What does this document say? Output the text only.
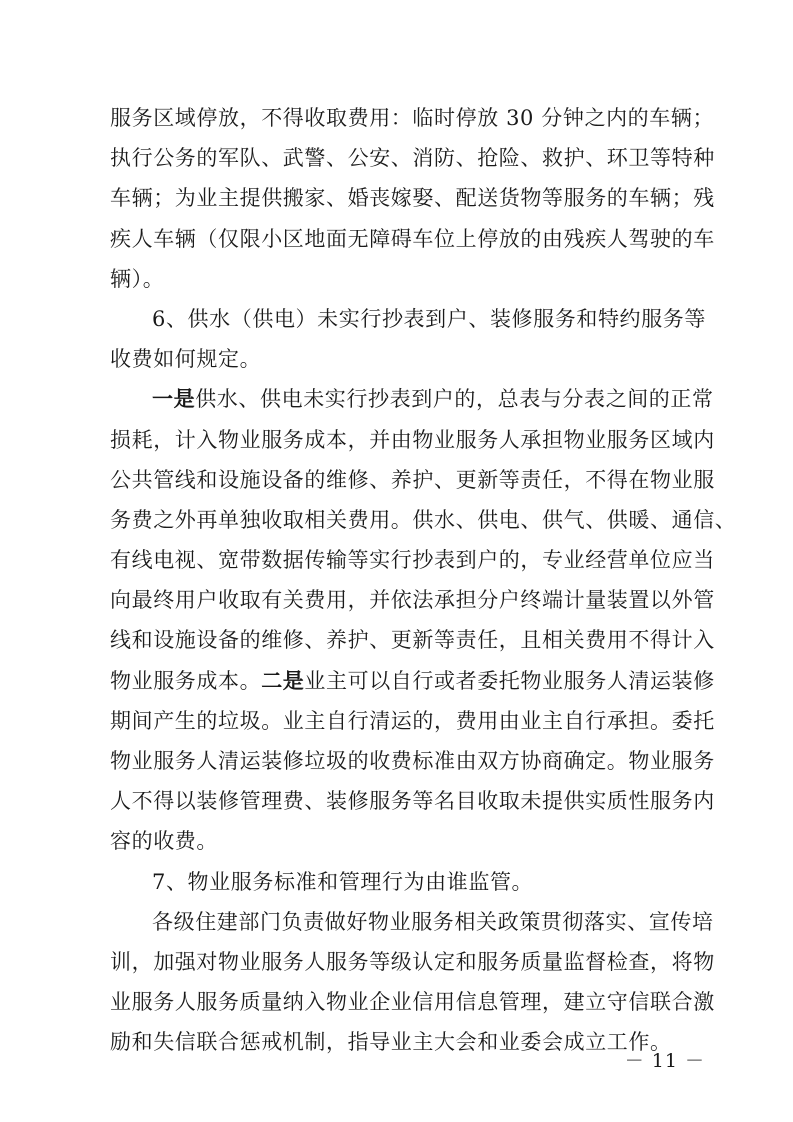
服务区域停放，不得收取费用：临时停放 30 分钟之内的车辆；
执行公务的军队、武警、公安、消防、抢险、救护、环卫等特种
车辆；为业主提供搬家、婚丧嫁娶、配送货物等服务的车辆；残
疾人车辆（仅限小区地面无障碍车位上停放的由残疾人驾驶的车
辆）。
6、供水（供电）未实行抄表到户、装修服务和特约服务等
收费如何规定。
一是供水、供电未实行抄表到户的，总表与分表之间的正常
损耗，计入物业服务成本，并由物业服务人承担物业服务区域内
公共管线和设施设备的维修、养护、更新等责任，不得在物业服
务费之外再单独收取相关费用。供水、供电、供气、供暖、通信、
有线电视、宽带数据传输等实行抄表到户的，专业经营单位应当
向最终用户收取有关费用，并依法承担分户终端计量装置以外管
线和设施设备的维修、养护、更新等责任，且相关费用不得计入
物业服务成本。二是业主可以自行或者委托物业服务人清运装修
期间产生的垃圾。业主自行清运的，费用由业主自行承担。委托
物业服务人清运装修垃圾的收费标准由双方协商确定。物业服务
人不得以装修管理费、装修服务等名目收取未提供实质性服务内
容的收费。
7、物业服务标准和管理行为由谁监管。
各级住建部门负责做好物业服务相关政策贯彻落实、宣传培
训，加强对物业服务人服务等级认定和服务质量监督检查，将物
业服务人服务质量纳入物业企业信用信息管理，建立守信联合激
励和失信联合惩戒机制，指导业主大会和业委会成立工作。
－ 11 －
